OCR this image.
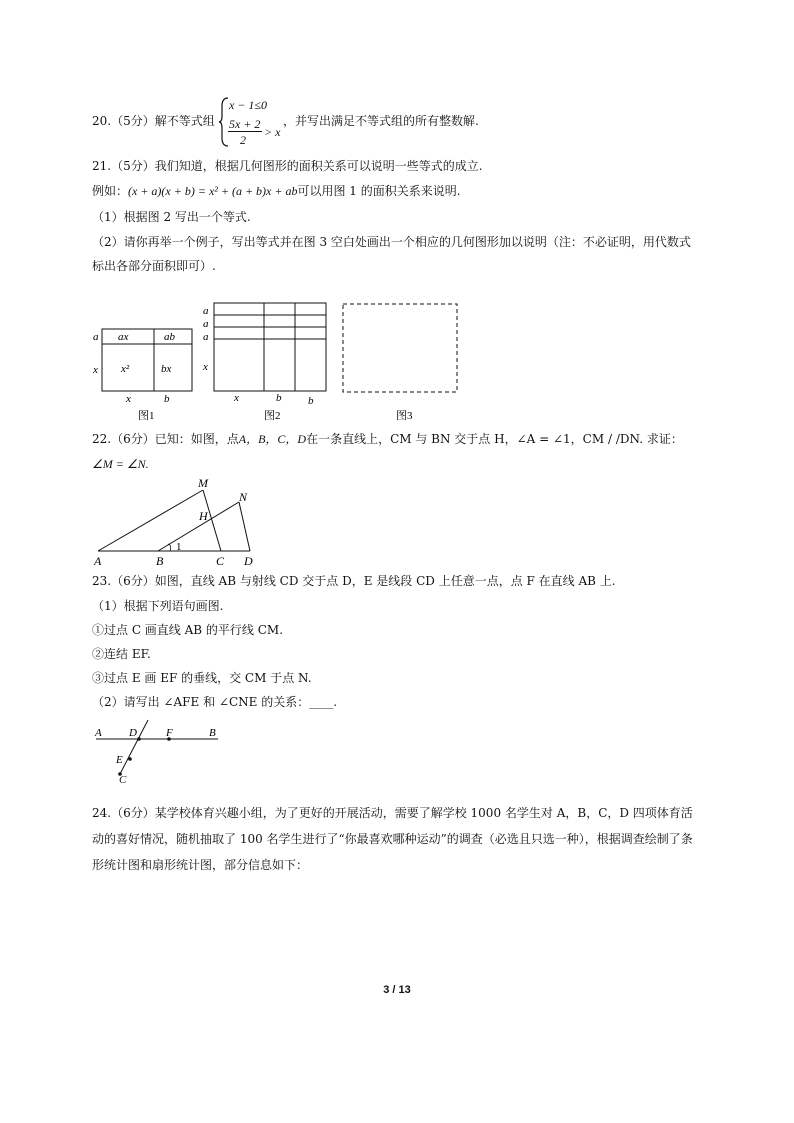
20.（5分）解不等式组
x − 1≤0
5x + 2
2
> x
，并写出满足不等式组的所有整数解.
21.（5分）我们知道，根据几何图形的面积关系可以说明一些等式的成立.
例如：(x + a)(x + b) = x² + (a + b)x + ab可以用图 1 的面积关系来说明.
（1）根据图 2 写出一个等式.
（2）请你再举一个例子，写出等式并在图 3 空白处画出一个相应的几何图形加以说明（注：不必证明，用代数式
标出各部分面积即可）.
a
x
ax	ab
x²	bx
x	b
图1
a
a
a
x
x	b b
图2	图3
22.（6分）已知：如图，点A，B，C，D在一条直线上，CM 与 BN 交于点 H，∠A = ∠1，CM / /DN. 求证：
∠M = ∠N.
M
N
H
1
A	B	C D
23.（6分）如图，直线 AB 与射线 CD 交于点 D，E 是线段 CD 上任意一点，点 F 在直线 AB 上.
（1）根据下列语句画图.
①过点 C 画直线 AB 的平行线 CM.
②连结 EF.
③过点 E 画 EF 的垂线，交 CM 于点 N.
（2）请写出 ∠AFE 和 ∠CNE 的关系：____.
A D	F	B
E
C
24.（6分）某学校体育兴趣小组，为了更好的开展活动，需要了解学校 1000 名学生对 A，B，C，D 四项体育活
动的喜好情况，随机抽取了 100 名学生进行了“你最喜欢哪种运动”的调查（必选且只选一种），根据调查绘制了条
形统计图和扇形统计图，部分信息如下：
3 / 13
